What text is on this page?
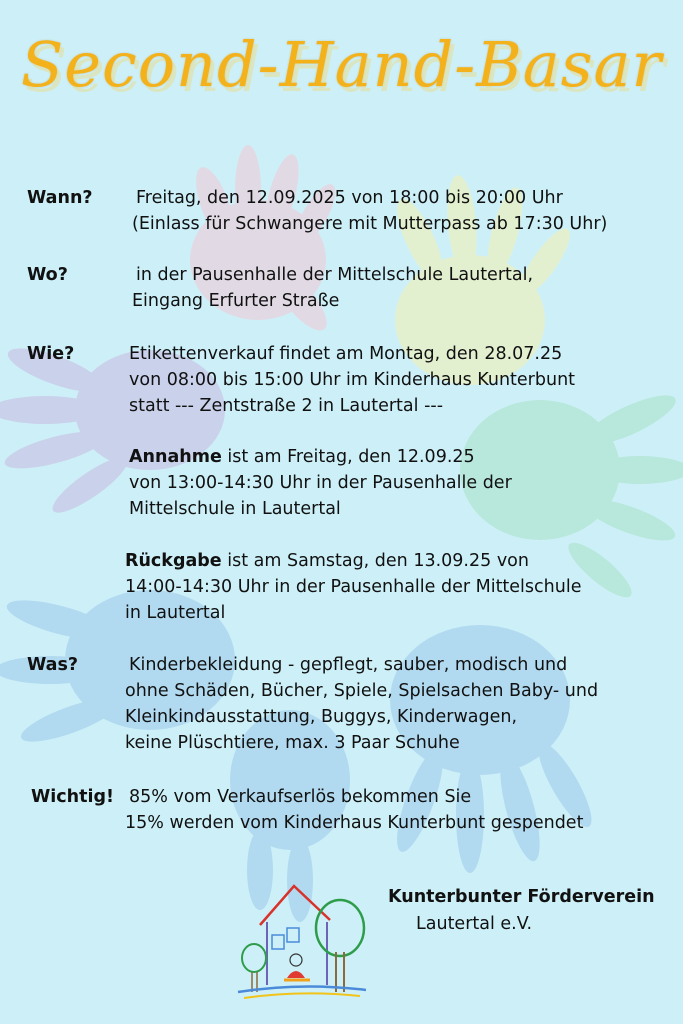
Second-Hand-Basar
Wann? Freitag, den 12.09.2025 von 18:00 bis 20:00 Uhr
(Einlass für Schwangere mit Mutterpass ab 17:30 Uhr)
Wo?	in der Pausenhalle der Mittelschule Lautertal,
Eingang Erfurter Straße
Wie?	Etikettenverkauf findet am Montag, den 28.07.25
von 08:00 bis 15:00 Uhr im Kinderhaus Kunterbunt
statt --- Zentstraße 2 in Lautertal ---
Annahme ist am Freitag, den 12.09.25
von 13:00-14:30 Uhr in der Pausenhalle der
Mittelschule in Lautertal
Rückgabe ist am Samstag, den 13.09.25 von
14:00-14:30 Uhr in der Pausenhalle der Mittelschule
in Lautertal
Was?	Kinderbekleidung - gepflegt, sauber, modisch und
ohne Schäden, Bücher, Spiele, Spielsachen Baby- und
Kleinkindausstattung, Buggys, Kinderwagen,
keine Plüschtiere, max. 3 Paar Schuhe
Wichtig! 85% vom Verkaufserlös bekommen Sie
15% werden vom Kinderhaus Kunterbunt gespendet
Kunterbunter Förderverein
Lautertal e.V.
